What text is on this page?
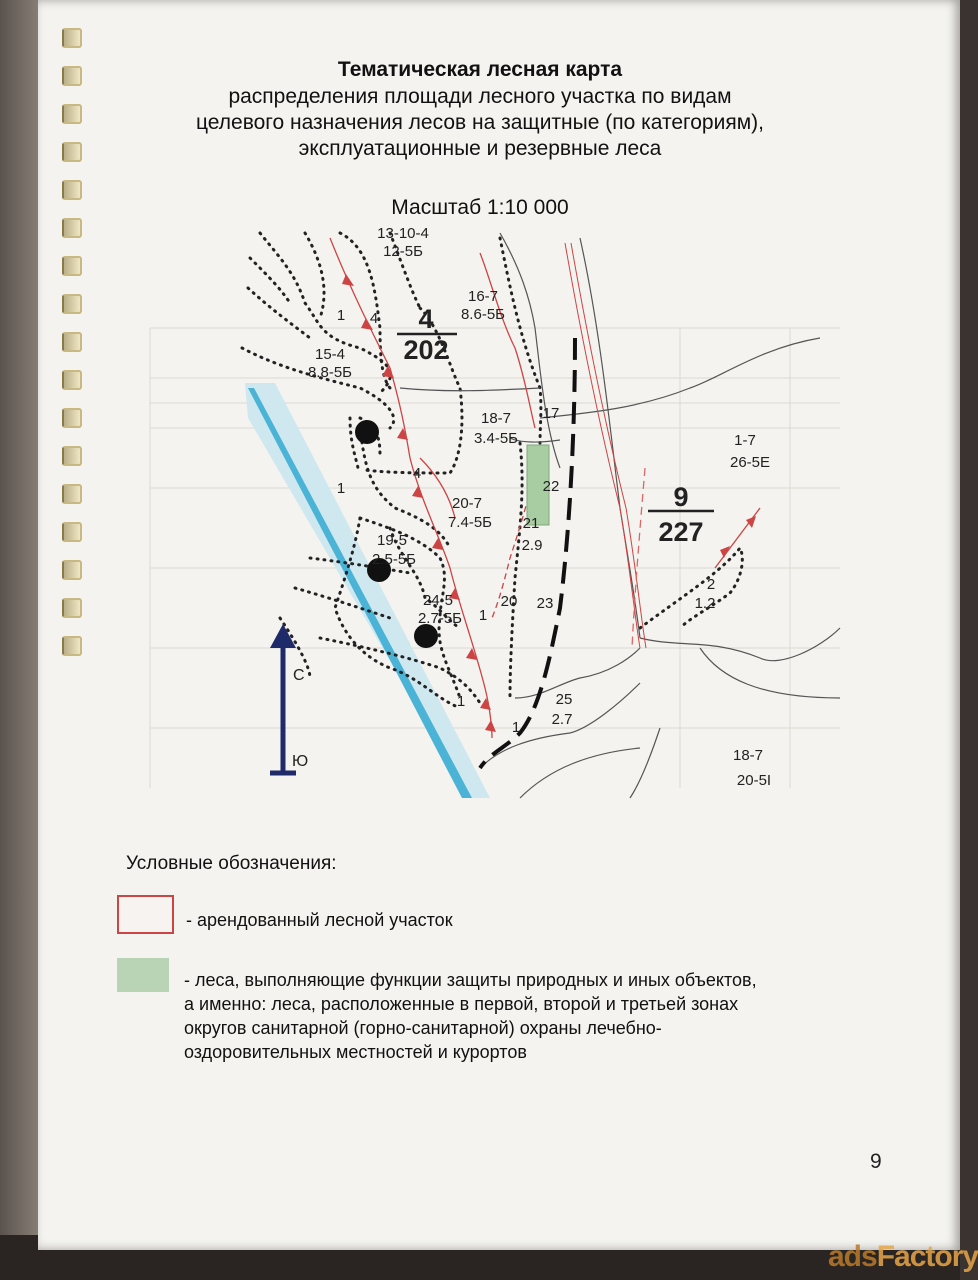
Тематическая лесная карта
распределения площади лесного участка по видам
целевого назначения лесов на защитные (по категориям),
эксплуатационные и резервные леса
Масштаб 1:10 000
С
Ю
4
202
9
227
16-7
8.6-5Б
15-4
8.8-5Б
18-7
3.4-5Б
20-7
7.4-5Б
19-5
2.5-5Б
24-5
2.7-5Б
1-7
26-5Е
18-7
20-5І
25
2.7
21
2.9
2
1.2
13-10-4
12-5Б
1 4
17
22
4
1
20 23
1
1
1
Условные обозначения:
- арендованный лесной участок
- леса, выполняющие функции защиты природных и иных объектов, а именно: леса, расположенные в первой, второй и третьей зонах округов санитарной (горно-санитарной) охраны лечебно-оздоровительных местностей и курортов
9
adsFactory
